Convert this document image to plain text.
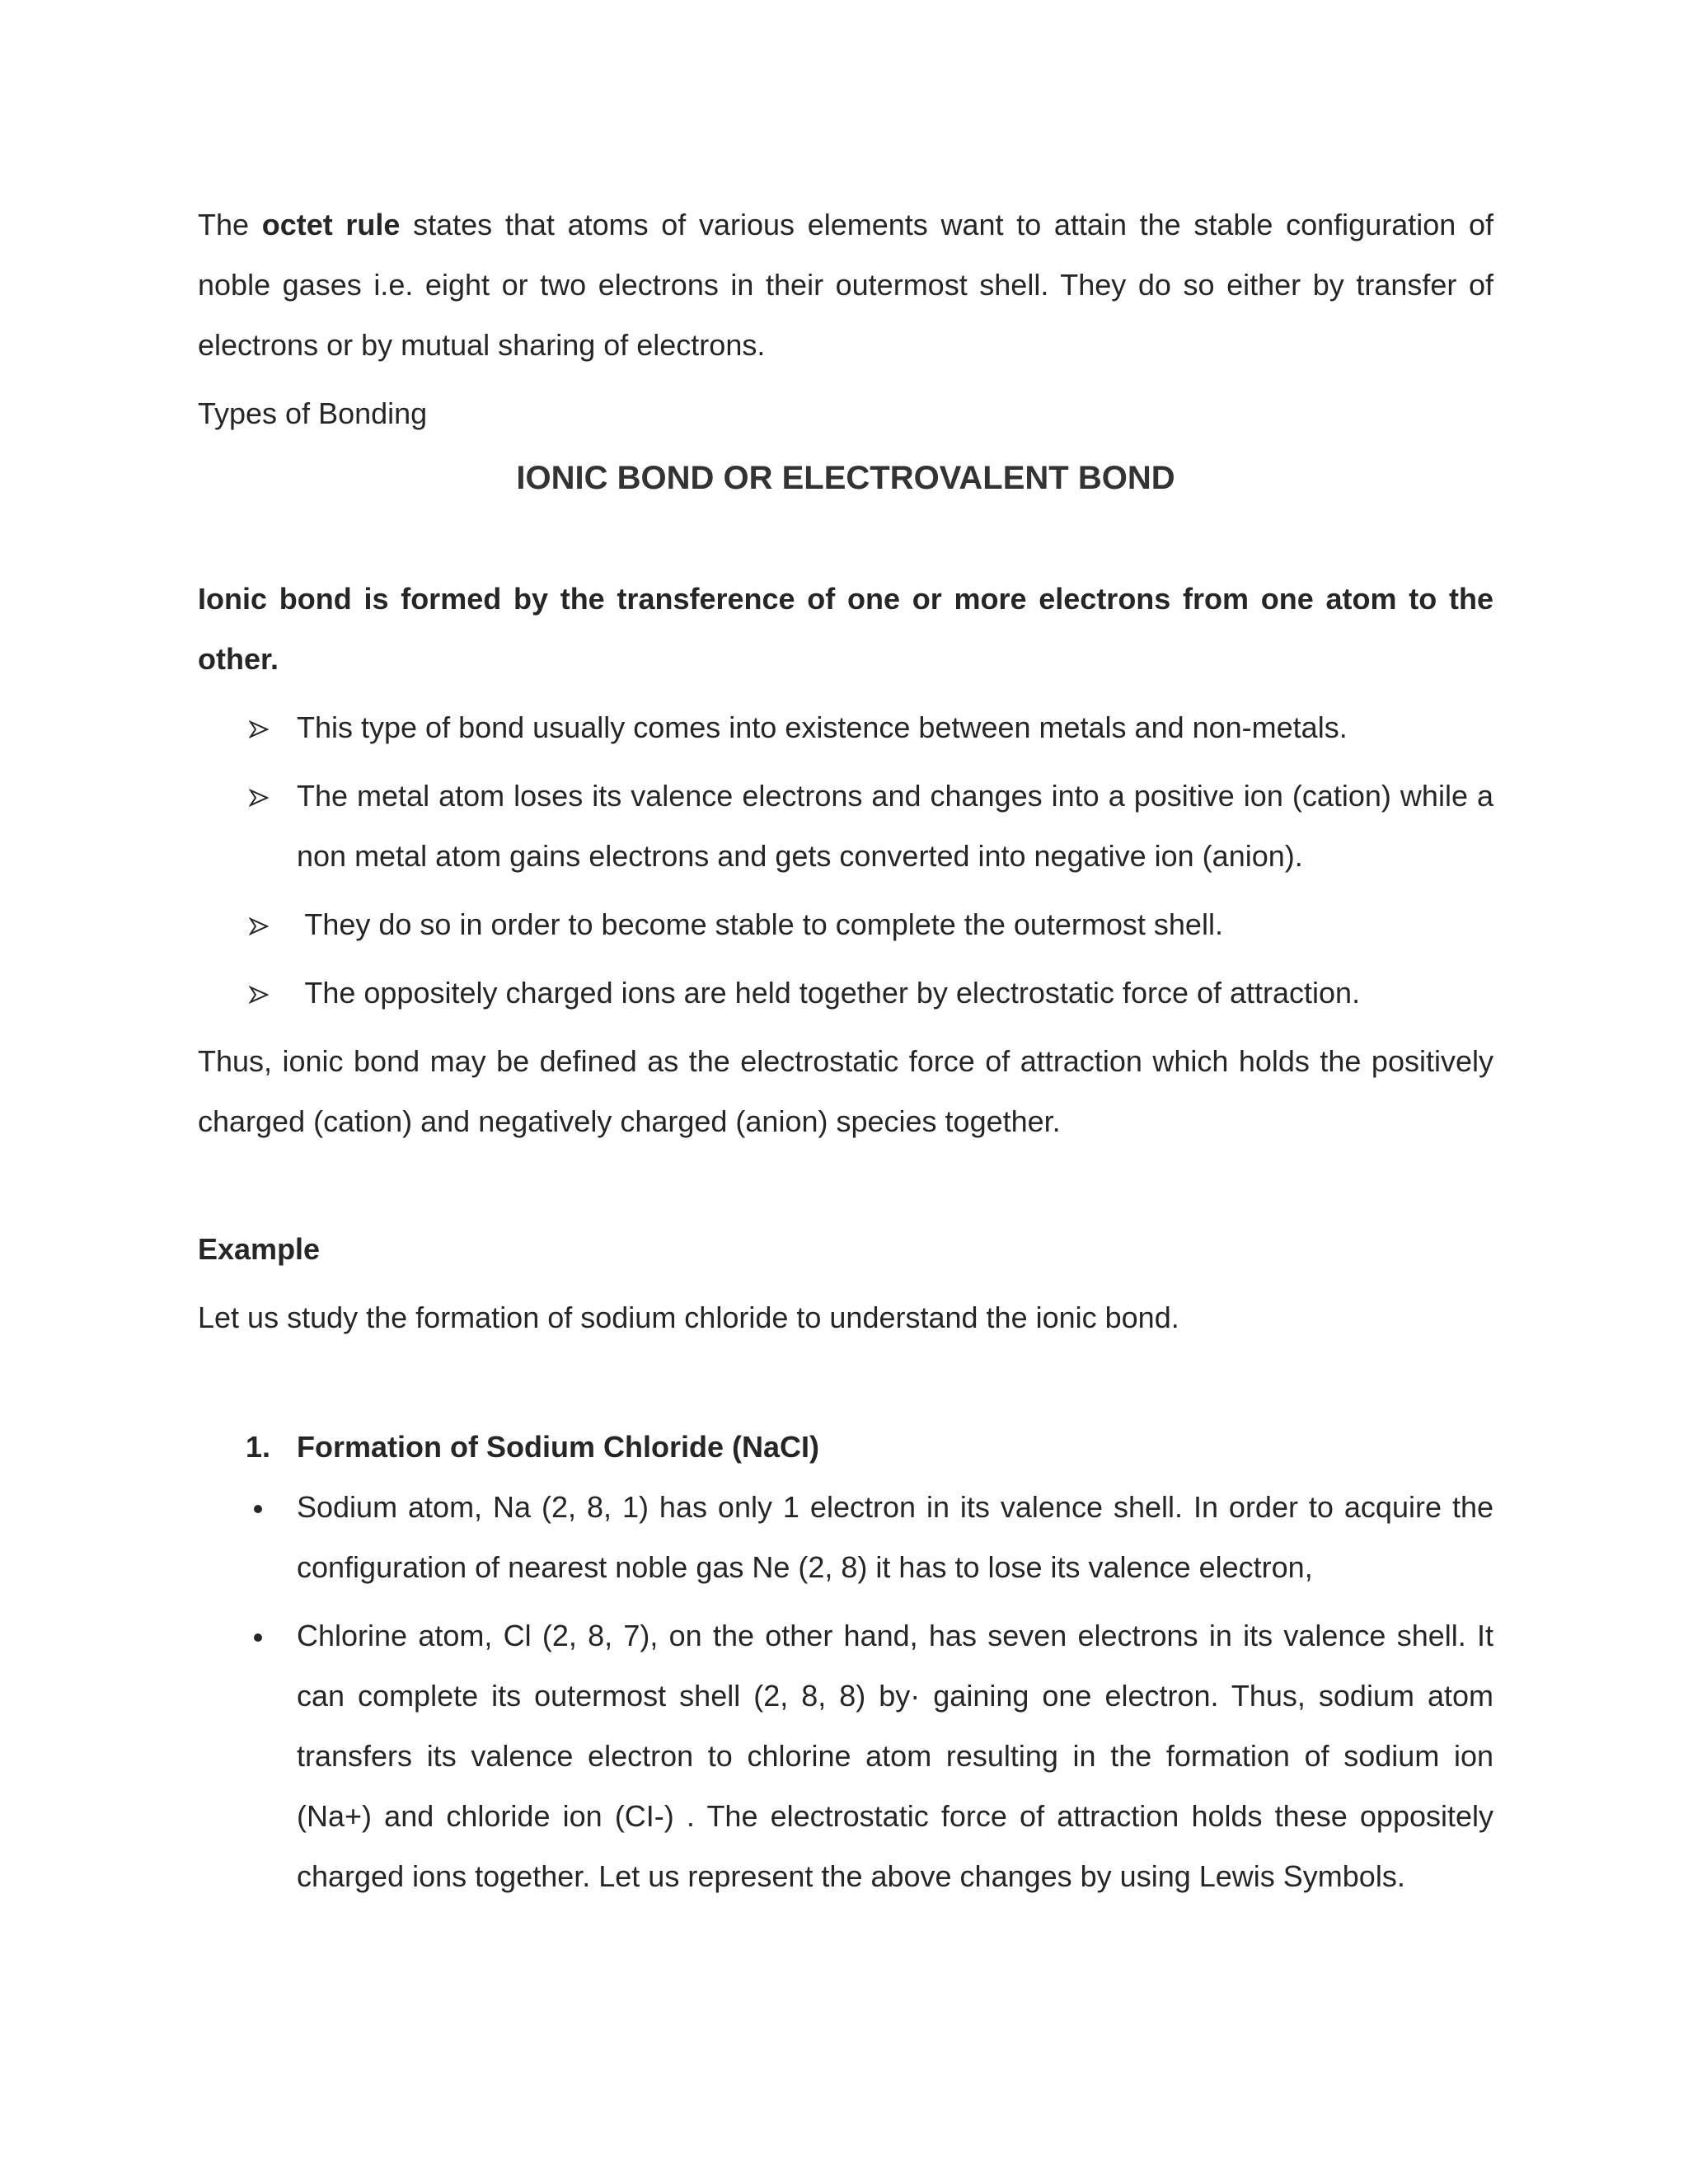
The octet rule states that atoms of various elements want to attain the stable configuration of noble gases i.e. eight or two electrons in their outermost shell. They do so either by transfer of electrons or by mutual sharing of electrons.

Types of Bonding

IONIC BOND OR ELECTROVALENT BOND

Ionic bond is formed by the transference of one or more electrons from one atom to the other.

This type of bond usually comes into existence between metals and non-metals.
The metal atom loses its valence electrons and changes into a positive ion (cation) while a non metal atom gains electrons and gets converted into negative ion (anion).
They do so in order to become stable to complete the outermost shell.
The oppositely charged ions are held together by electrostatic force of attraction.

Thus, ionic bond may be defined as the electrostatic force of attraction which holds the positively charged (cation) and negatively charged (anion) species together.

Example

Let us study the formation of sodium chloride to understand the ionic bond.

1. Formation of Sodium Chloride (NaCI)
Sodium atom, Na (2, 8, 1) has only 1 electron in its valence shell. In order to acquire the configuration of nearest noble gas Ne (2, 8) it has to lose its valence electron,
Chlorine atom, Cl (2, 8, 7), on the other hand, has seven electrons in its valence shell. It can complete its outermost shell (2, 8, 8) by· gaining one electron. Thus, sodium atom transfers its valence electron to chlorine atom resulting in the formation of sodium ion (Na+) and chloride ion (CI-) . The electrostatic force of attraction holds these oppositely charged ions together. Let us represent the above changes by using Lewis Symbols.
